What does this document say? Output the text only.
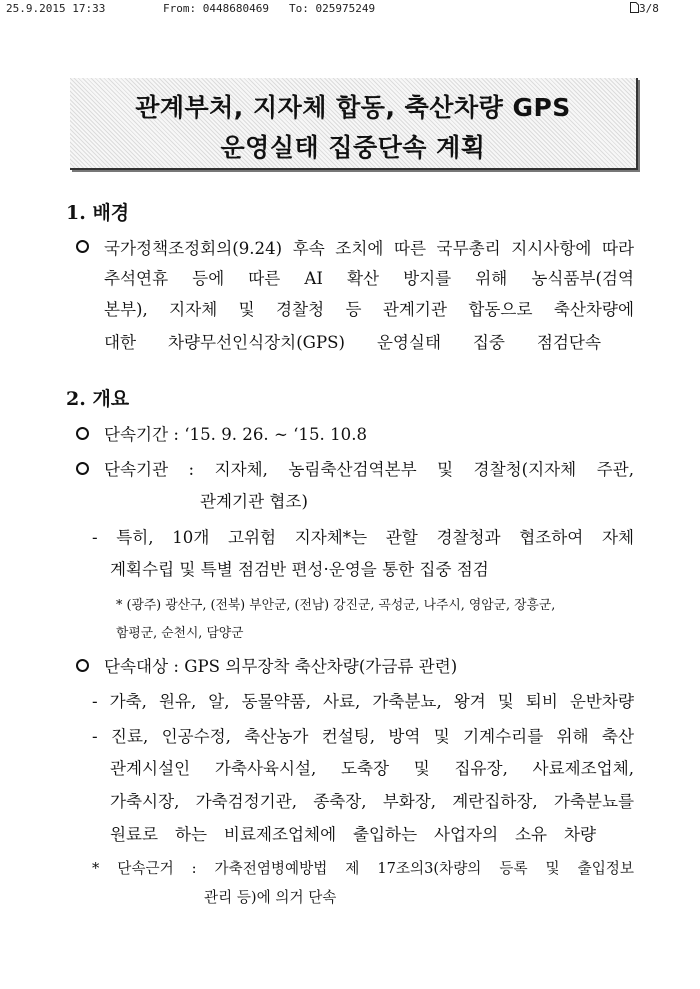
25.9.2015 17:33	From: 0448680469 To: 025975249	3/8
관계부처, 지자체 합동, 축산차량 GPS
운영실태 집중단속 계획
1. 배경
국가정책조정회의(9.24) 후속 조치에 따른 국무총리 지시사항에 따라
추석연휴 등에 따른 AI 확산 방지를 위해 농식품부(검역
본부), 지자체 및 경찰청 등 관계기관 합동으로 축산차량에
대한 차량무선인식장치(GPS) 운영실태 집중 점검단속
2. 개요
단속기간 : ‘15. 9. 26. ∼ ‘15. 10.8
단속기관 : 지자체, 농림축산검역본부 및 경찰청(지자체 주관,
관계기관 협조)
- 특히, 10개 고위험 지자체*는 관할 경찰청과 협조하여 자체
계획수립 및 특별 점검반 편성·운영을 통한 집중 점검
* (광주) 광산구, (전북) 부안군, (전남) 강진군, 곡성군, 나주시, 영암군, 장흥군,
함평군, 순천시, 담양군
단속대상 : GPS 의무장착 축산차량(가금류 관련)
- 가축, 원유, 알, 동물약품, 사료, 가축분뇨, 왕겨 및 퇴비 운반차량
- 진료, 인공수정, 축산농가 컨설팅, 방역 및 기계수리를 위해 축산
관계시설인 가축사육시설, 도축장 및 집유장, 사료제조업체,
가축시장, 가축검정기관, 종축장, 부화장, 계란집하장, 가축분뇨를
원료로 하는 비료제조업체에 출입하는 사업자의 소유 차량
* 단속근거 : 가축전염병예방법 제 17조의3(차량의 등록 및 출입정보
관리 등)에 의거 단속
